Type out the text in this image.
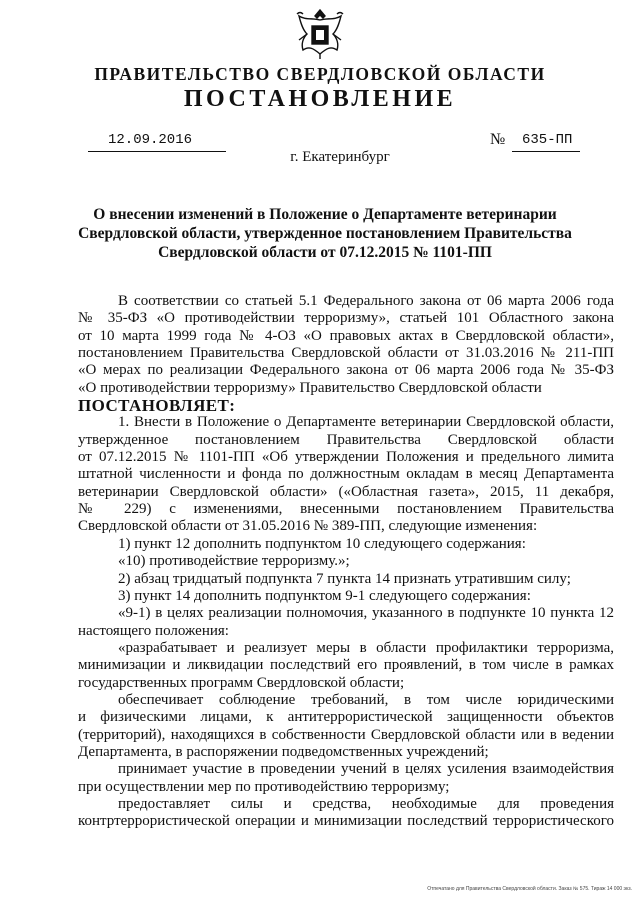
ПРАВИТЕЛЬСТВО СВЕРДЛОВСКОЙ ОБЛАСТИ
ПОСТАНОВЛЕНИЕ
12.09.2016	№ 635-ПП
г. Екатеринбург
О внесении изменений в Положение о Департаменте ветеринарии
Свердловской области, утвержденное постановлением Правительства
Свердловской области от 07.12.2015 № 1101-ПП
В соответствии со статьей 5.1 Федерального закона от 06 марта 2006 года
№ 35-ФЗ «О противодействии терроризму», статьей 101 Областного закона
от 10 марта 1999 года № 4-ОЗ «О правовых актах в Свердловской области»,
постановлением Правительства Свердловской области от 31.03.2016 № 211-ПП
«О мерах по реализации Федерального закона от 06 марта 2006 года № 35-ФЗ
«О противодействии терроризму» Правительство Свердловской области
ПОСТАНОВЛЯЕТ:
1. Внести в Положение о Департаменте ветеринарии Свердловской области,
утвержденное постановлением Правительства Свердловской области
от 07.12.2015 № 1101-ПП «Об утверждении Положения и предельного лимита
штатной численности и фонда по должностным окладам в месяц Департамента
ветеринарии Свердловской области» («Областная газета», 2015, 11 декабря,
№ 229) с изменениями, внесенными постановлением Правительства
Свердловской области от 31.05.2016 № 389-ПП, следующие изменения:
1) пункт 12 дополнить подпунктом 10 следующего содержания:
«10) противодействие терроризму.»;
2) абзац тридцатый подпункта 7 пункта 14 признать утратившим силу;
3) пункт 14 дополнить подпунктом 9-1 следующего содержания:
«9-1) в целях реализации полномочия, указанного в подпункте 10 пункта 12
настоящего положения:
«разрабатывает и реализует меры в области профилактики терроризма,
минимизации и ликвидации последствий его проявлений, в том числе в рамках
государственных программ Свердловской области;
обеспечивает соблюдение требований, в том числе юридическими
и физическими лицами, к антитеррористической защищенности объектов
(территорий), находящихся в собственности Свердловской области или в ведении
Департамента, в распоряжении подведомственных учреждений;
принимает участие в проведении учений в целях усиления взаимодействия
при осуществлении мер по противодействию терроризму;
предоставляет силы и средства, необходимые для проведения
контртеррористической операции и минимизации последствий террористического
Отпечатано для Правительства Свердловской области. Заказ № 575. Тираж 14 000 экз.
